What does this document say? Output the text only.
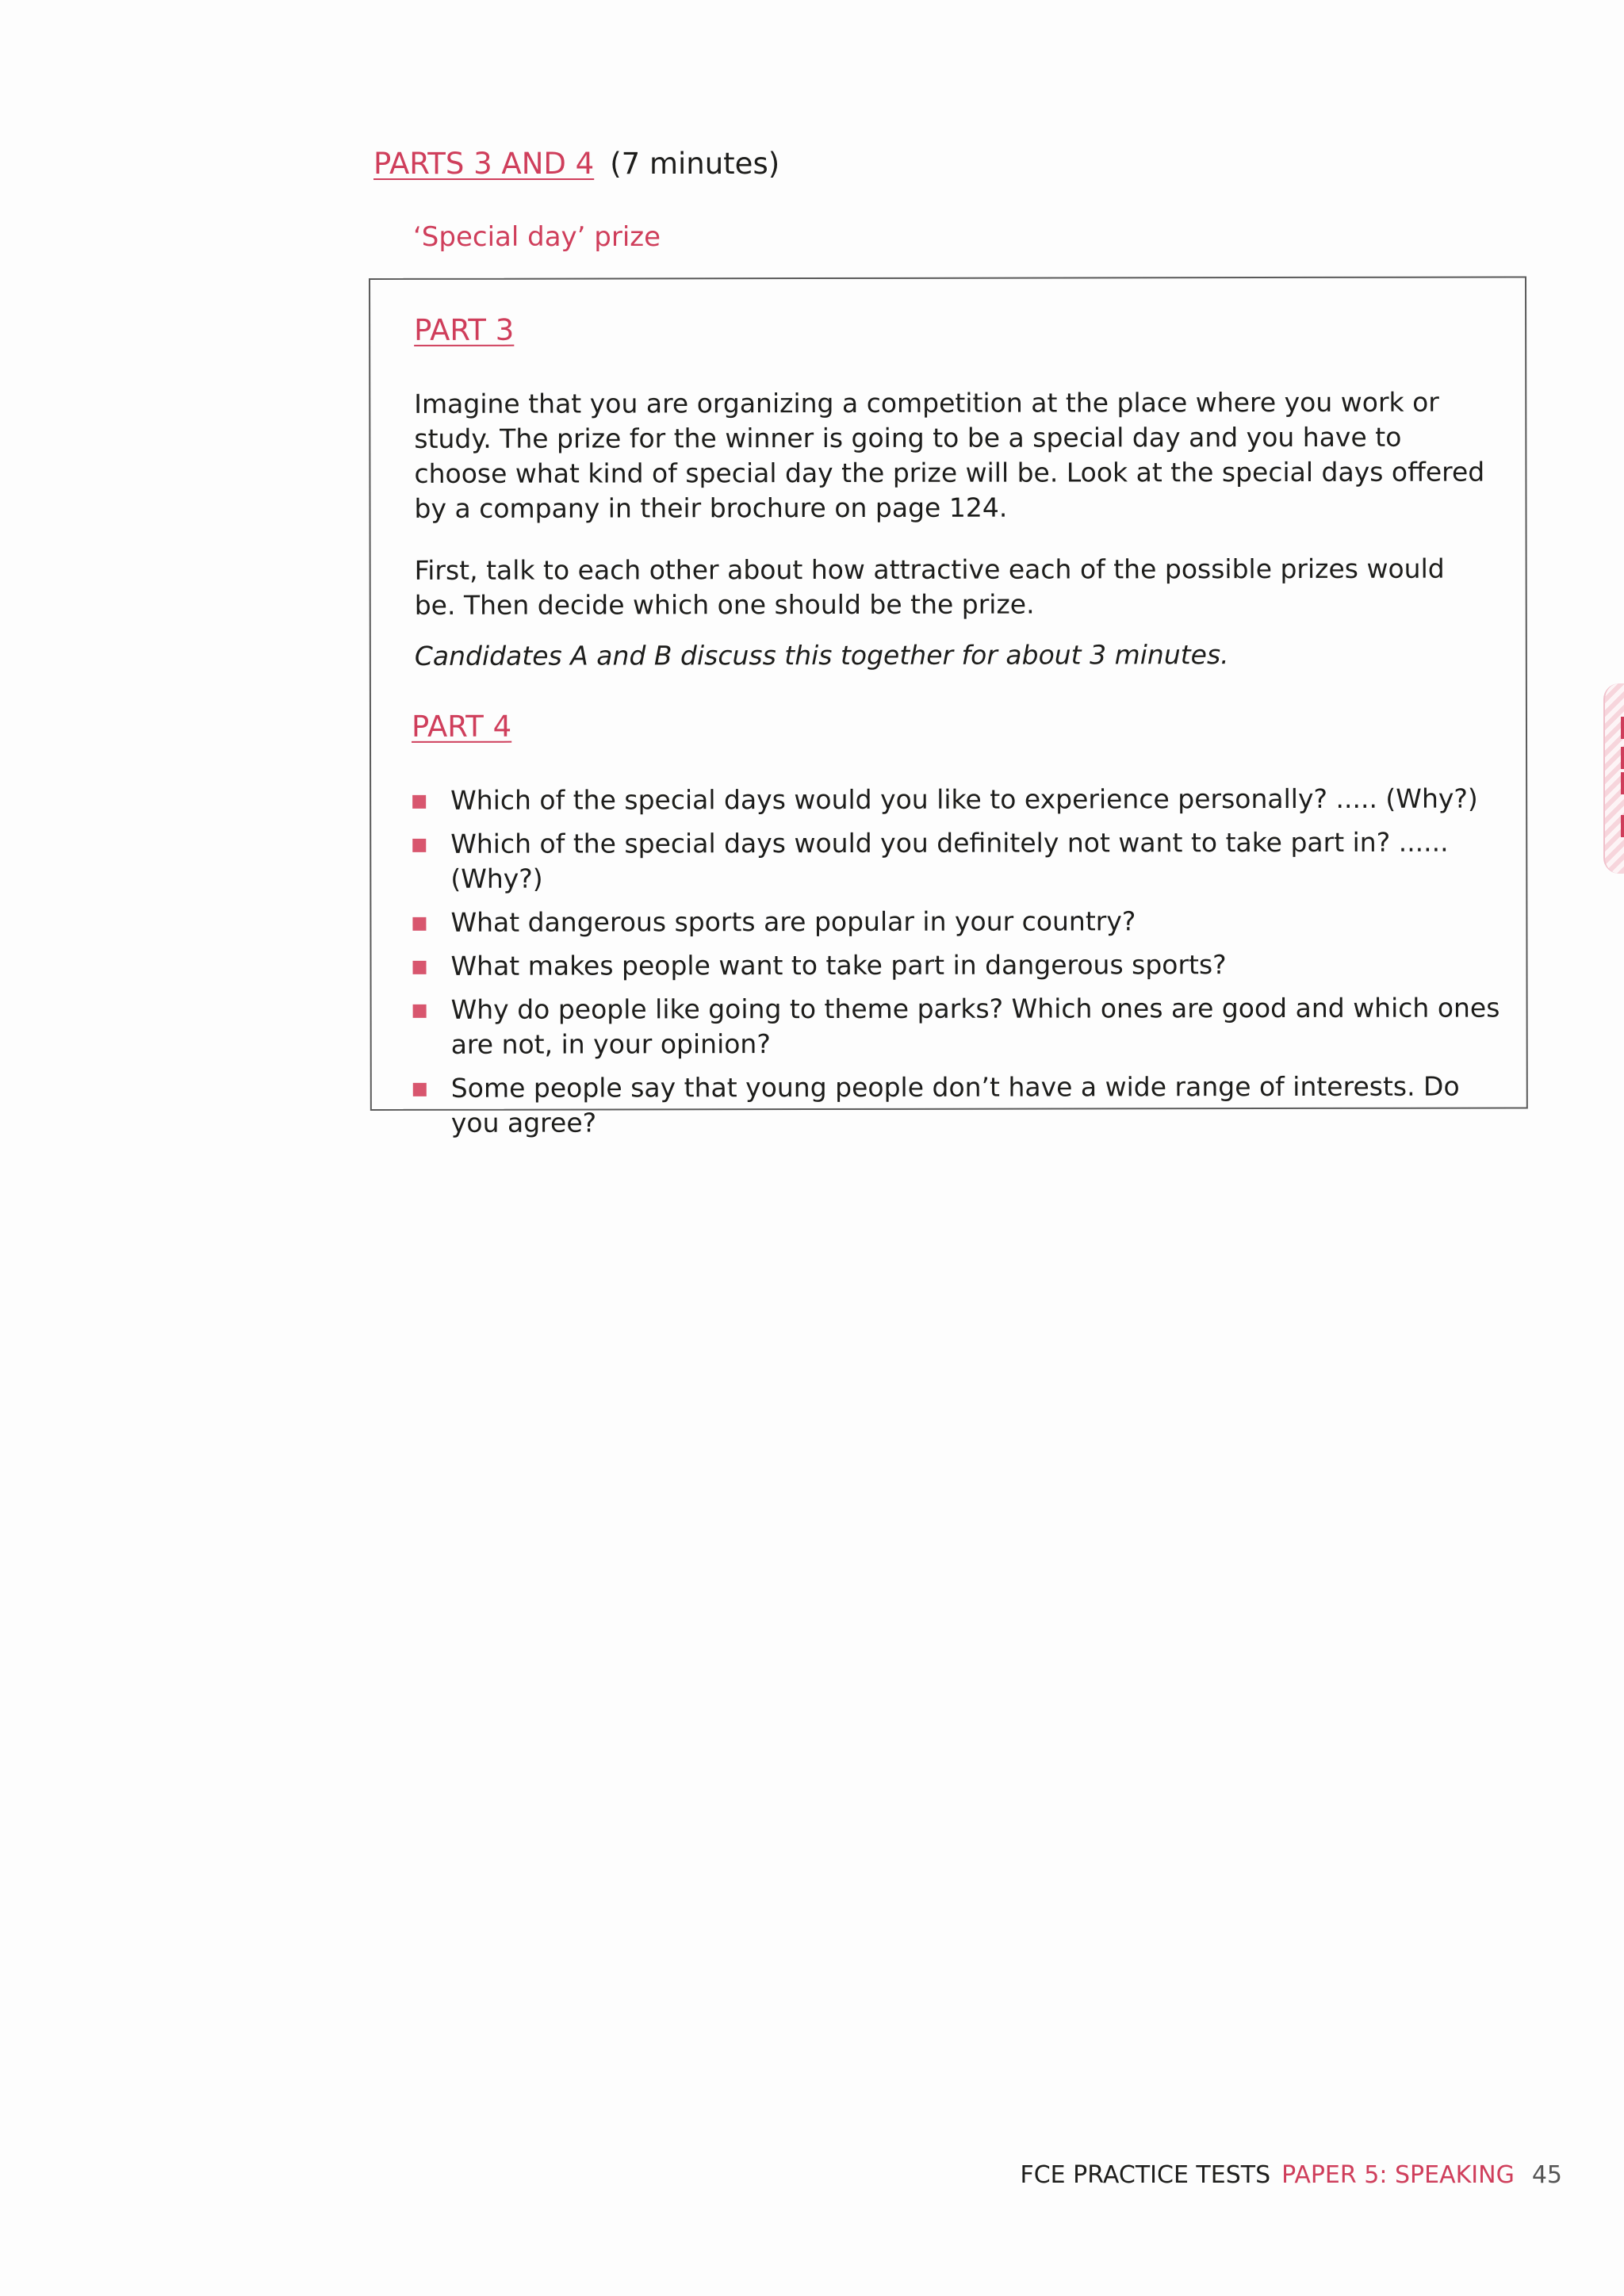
PARTS 3 AND 4 (7 minutes)
‘Special day’ prize
PART 3
Imagine that you are organizing a competition at the place where you work or study. The prize for the winner is going to be a special day and you have to choose what kind of special day the prize will be. Look at the special days offered by a company in their brochure on page 124.
First, talk to each other about how attractive each of the possible prizes would be. Then decide which one should be the prize.
Candidates A and B discuss this together for about 3 minutes.
PART 4
Which of the special days would you like to experience personally? ..... (Why?)
Which of the special days would you definitely not want to take part in? ...... (Why?)
What dangerous sports are popular in your country?
What makes people want to take part in dangerous sports?
Why do people like going to theme parks? Which ones are good and which ones are not, in your opinion?
Some people say that young people don’t have a wide range of interests. Do you agree?
FCE PRACTICE TESTS PAPER 5: SPEAKING 45
